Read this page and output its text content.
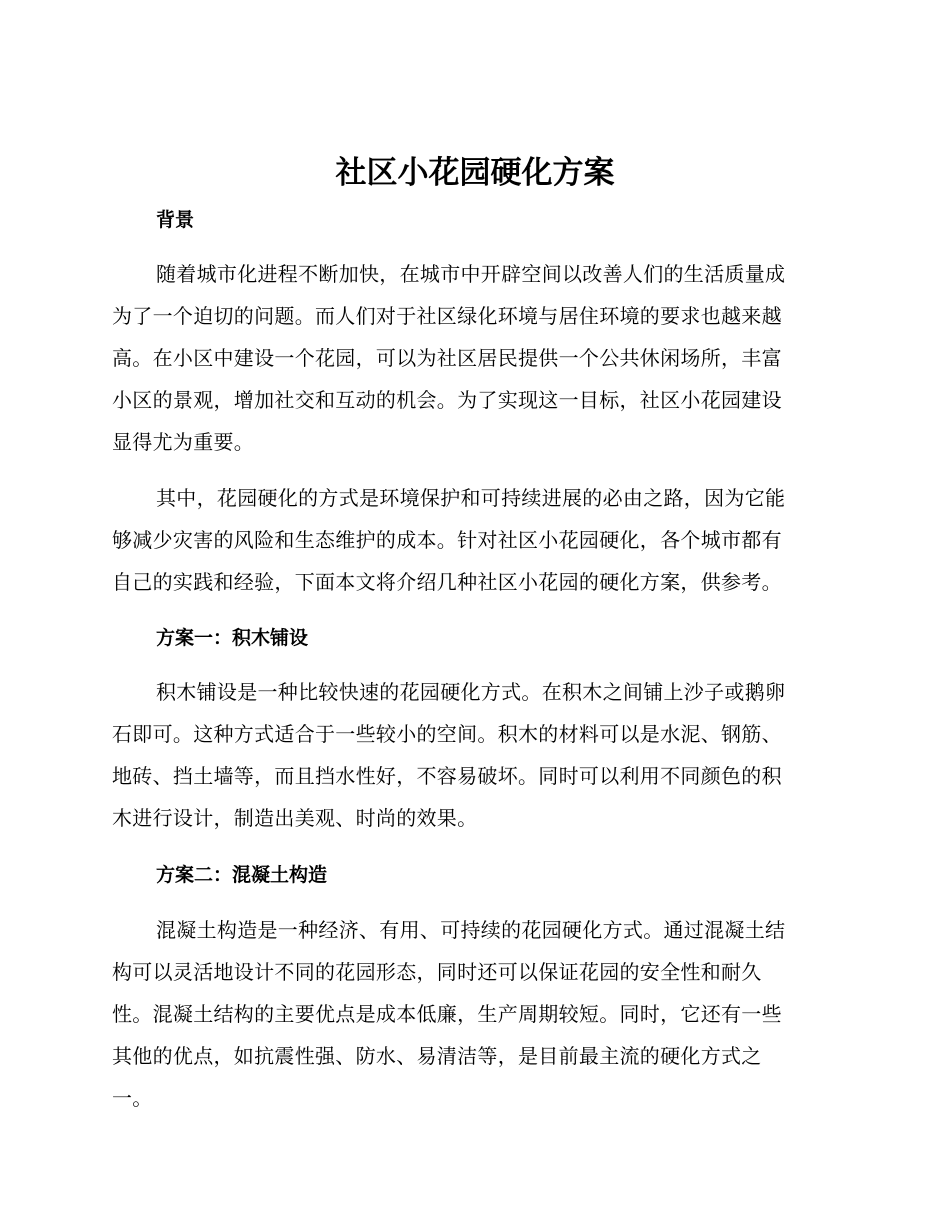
社区小花园硬化方案
背景
随着城市化进程不断加快，在城市中开辟空间以改善人们的生活质量成
为了一个迫切的问题。而人们对于社区绿化环境与居住环境的要求也越来越
高。在小区中建设一个花园，可以为社区居民提供一个公共休闲场所，丰富
小区的景观，增加社交和互动的机会。为了实现这一目标，社区小花园建设
显得尤为重要。
其中，花园硬化的方式是环境保护和可持续进展的必由之路，因为它能
够减少灾害的风险和生态维护的成本。针对社区小花园硬化，各个城市都有
自己的实践和经验，下面本文将介绍几种社区小花园的硬化方案，供参考。
方案一：积木铺设
积木铺设是一种比较快速的花园硬化方式。在积木之间铺上沙子或鹅卵
石即可。这种方式适合于一些较小的空间。积木的材料可以是水泥、钢筋、
地砖、挡土墙等，而且挡水性好，不容易破坏。同时可以利用不同颜色的积
木进行设计，制造出美观、时尚的效果。
方案二：混凝土构造
混凝土构造是一种经济、有用、可持续的花园硬化方式。通过混凝土结
构可以灵活地设计不同的花园形态，同时还可以保证花园的安全性和耐久
性。混凝土结构的主要优点是成本低廉，生产周期较短。同时，它还有一些
其他的优点，如抗震性强、防水、易清洁等，是目前最主流的硬化方式之
一。
